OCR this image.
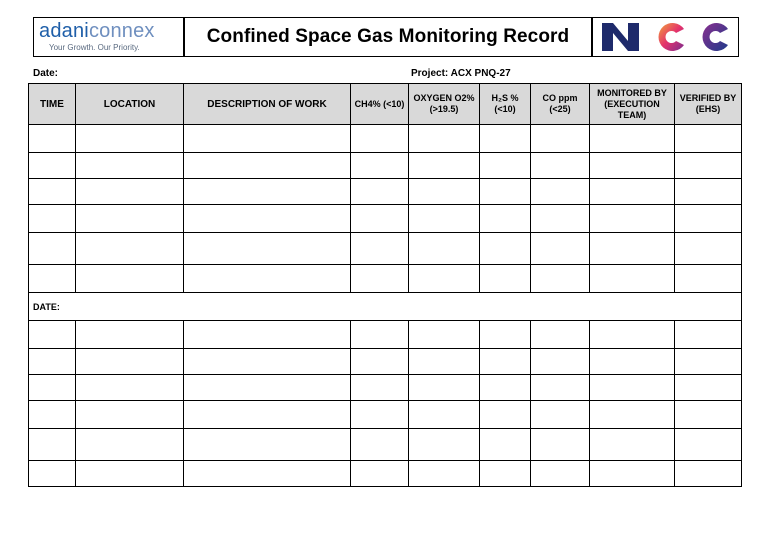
adaniconnex
Your Growth. Our Priority.
Confined Space Gas Monitoring Record
Date:	Project: ACX PNQ-27
TIME	LOCATION	DESCRIPTION OF WORK	CH4% (<10)	OXYGEN O2% (>19.5)	H₂S % (<10)	CO ppm (<25)	MONITORED BY (EXECUTION TEAM)	VERIFIED BY (EHS)

DATE:								
